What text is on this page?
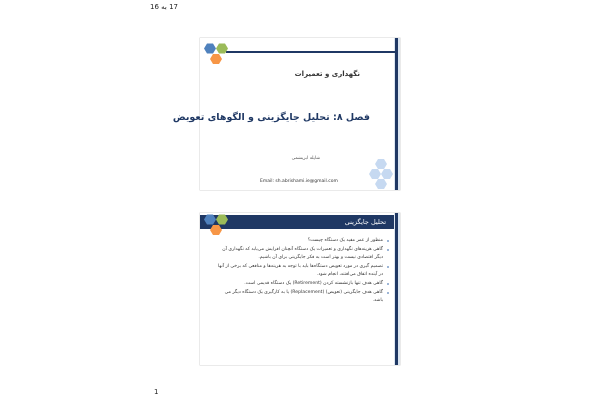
17 به 16
نگهداری و تعمیرات
فصل ۸: تحلیل جایگزینی و الگوهای تعویض
شاپله ابریشمی
Email: sh.abrishami.ie@gmail.com
تحلیل جایگزینی
منظور از عمر مفید یک دستگاه چیست؟
گاهی هزینه‌های نگهداری و تعمیرات یک دستگاه آنچنان افزایش می‌یابد که نگهداری آن دیگر اقتصادی نیست و بهتر است به فکر جایگزینی برای آن باشیم.
تصمیم گیری در مورد تعویض دستگاه‌ها باید با توجه به هزینه‌ها و منافعی که برخی از آنها در آینده اتفاق می‌افتند، انجام شود.
گاهی هدف تنها بازنشسته کردن (Retirement) یک دستگاه قدیمی است.
گاهی هدف جایگزینی (تعویض) (Replacement) یا به کارگیری یک دستگاه دیگر می باشد.
1
